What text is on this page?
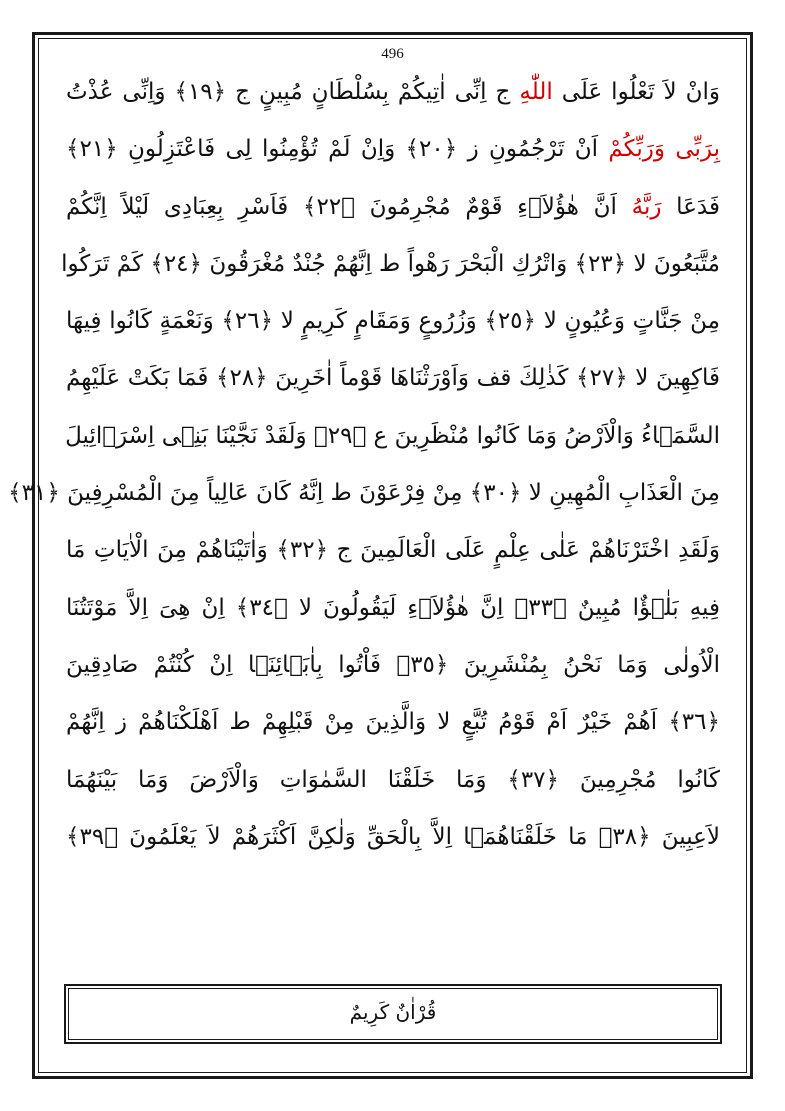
496
وَانْ لاَ تَعْلُوا عَلَى اللّٰهِ ج اِنِّى اٰتِيكُمْ بِسُلْطَانٍ مُبِينٍ ج ﴿١٩﴾ وَاِنِّى عُذْتُ
بِرَبِّى وَرَبِّكُمْ اَنْ تَرْجُمُونِ ز ﴿٢٠﴾ وَاِنْ لَمْ تُؤْمِنُوا لِى فَاعْتَزِلُونِ ﴿٢١﴾
فَدَعَا رَبَّهُ اَنَّ هٰؤُلاَۤءِ قَوْمٌ مُجْرِمُونَ ﴿٢٢﴾ فَاَسْرِ بِعِبَادِى لَيْلاً اِنَّكُمْ
مُتَّبَعُونَ لا ﴿٢٣﴾ وَاتْرُكِ الْبَحْرَ رَهْواً ط اِنَّهُمْ جُنْدٌ مُغْرَقُونَ ﴿٢٤﴾ كَمْ تَرَكُوا
مِنْ جَنَّاتٍ وَعُيُونٍ لا ﴿٢٥﴾ وَزُرُوعٍ وَمَقَامٍ كَرِيمٍ لا ﴿٢٦﴾ وَنَعْمَةٍ كَانُوا فِيهَا
فَاكِهِينَ لا ﴿٢٧﴾ كَذٰلِكَ قف وَاَوْرَثْنَاهَا قَوْماً اٰخَرِينَ ﴿٢٨﴾ فَمَا بَكَتْ عَلَيْهِمُ
السَّمَۤاءُ وَالْاَرْضُ وَمَا كَانُوا مُنْظَرِينَ ع ﴿٢٩﴾ وَلَقَدْ نَجَّيْنَا بَنِۤى اِسْرَۤائِيلَ
مِنَ الْعَذَابِ الْمُهِينِ لا ﴿٣٠﴾ مِنْ فِرْعَوْنَ ط اِنَّهُ كَانَ عَالِياً مِنَ الْمُسْرِفِينَ ﴿٣١﴾
وَلَقَدِ اخْتَرْنَاهُمْ عَلٰى عِلْمٍ عَلَى الْعَالَمِينَ ج ﴿٣٢﴾ وَاٰتَيْنَاهُمْ مِنَ الْاٰيَاتِ مَا
فِيهِ بَلٰۤؤٌا مُبِينٌ ﴿٣٣﴾ اِنَّ هٰؤُلاَۤءِ لَيَقُولُونَ لا ﴿٣٤﴾ اِنْ هِىَ اِلاَّ مَوْتَتُنَا
الْاُولٰى وَمَا نَحْنُ بِمُنْشَرِينَ ﴿٣٥﴾ فَاْتُوا بِاٰبَۤائِنَۤا اِنْ كُنْتُمْ صَادِقِينَ
﴿٣٦﴾ اَهُمْ خَيْرٌ اَمْ قَوْمُ تُبَّعٍ لا وَالَّذِينَ مِنْ قَبْلِهِمْ ط اَهْلَكْنَاهُمْ ز اِنَّهُمْ
كَانُوا مُجْرِمِينَ ﴿٣٧﴾ وَمَا خَلَقْنَا السَّمٰوَاتِ وَالْاَرْضَ وَمَا بَيْنَهُمَا
لاَعِبِينَ ﴿٣٨﴾ مَا خَلَقْنَاهُمَۤا اِلاَّ بِالْحَقِّ وَلٰكِنَّ اَكْثَرَهُمْ لاَ يَعْلَمُونَ ﴿٣٩﴾
قُرْاٰنٌ كَرِيمٌ
